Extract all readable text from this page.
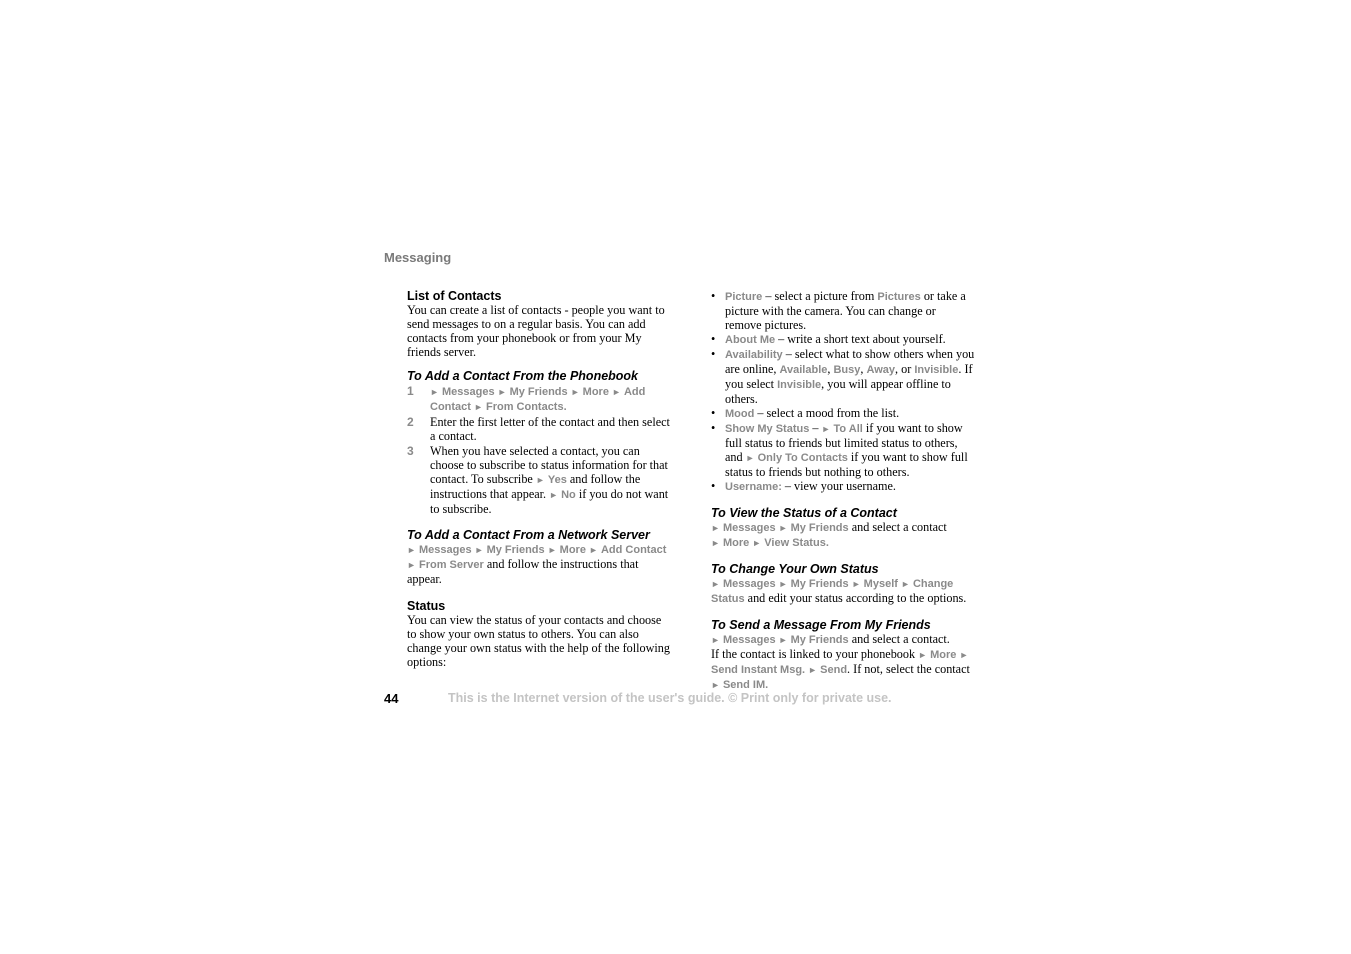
Messaging
List of Contacts

You can create a list of contacts - people you want to send messages to on a regular basis. You can add contacts from your phonebook or from your My friends server.

To Add a Contact From the Phonebook
1	► Messages ► My Friends ► More ► Add Contact ► From Contacts.
2	Enter the first letter of the contact and then select a contact.
3	When you have selected a contact, you can choose to subscribe to status information for that contact. To subscribe ► Yes and follow the instructions that appear. ► No if you do not want to subscribe.
To Add a Contact From a Network Server

► Messages ► My Friends ► More ► Add Contact ► From Server and follow the instructions that appear.

Status

You can view the status of your contacts and choose to show your own status to others. You can also change your own status with the help of the following options:

• Picture – select a picture from Pictures or take a picture with the camera. You can change or remove pictures.
• About Me – write a short text about yourself.
• Availability – select what to show others when you are online, Available, Busy, Away, or Invisible. If you select Invisible, you will appear offline to others.
• Mood – select a mood from the list.
• Show My Status – ► To All if you want to show full status to friends but limited status to others, and ► Only To Contacts if you want to show full status to friends but nothing to others.
• Username: – view your username.
To View the Status of a Contact

► Messages ► My Friends and select a contact
► More ► View Status.

To Change Your Own Status

► Messages ► My Friends ► Myself ► Change Status and edit your status according to the options.

To Send a Message From My Friends

► Messages ► My Friends and select a contact.
If the contact is linked to your phonebook ► More ► Send Instant Msg. ► Send. If not, select the contact ► Send IM.

44	This is the Internet version of the user's guide. © Print only for private use.
